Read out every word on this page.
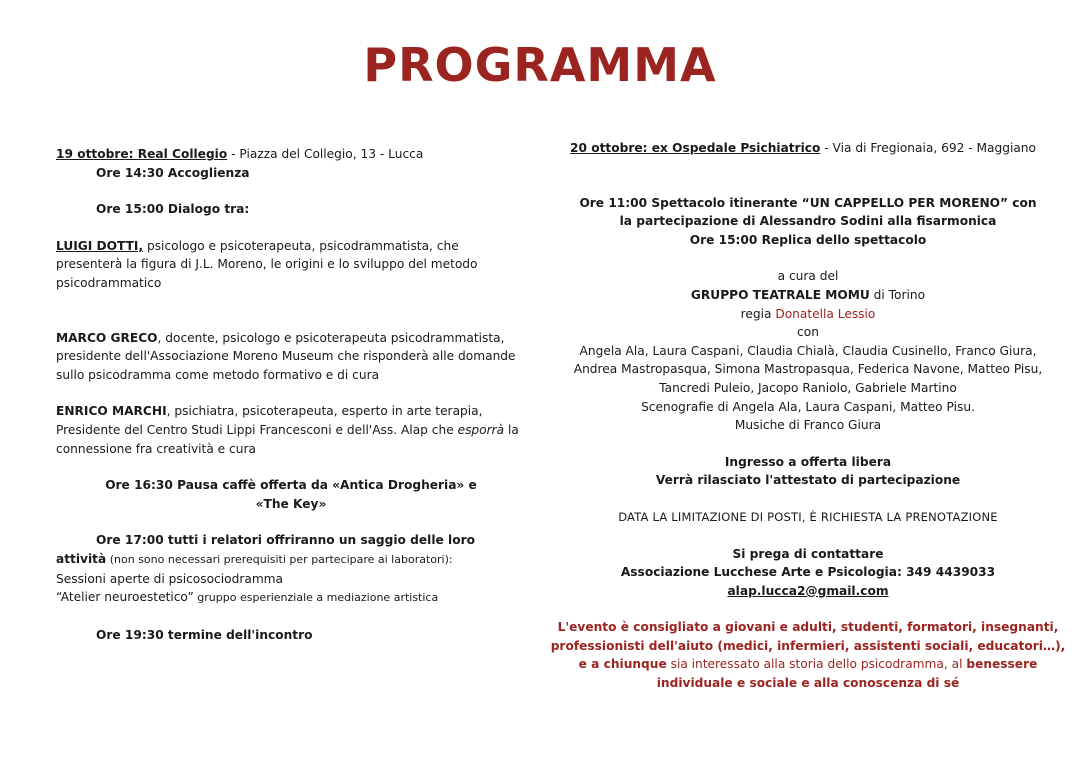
PROGRAMMA

19 ottobre: Real Collegio - Piazza del Collegio, 13 - Lucca

Ore 14:30 Accoglienza

Ore 15:00 Dialogo tra:

LUIGI DOTTI, psicologo e psicoterapeuta, psicodrammatista, che presenterà la figura di J.L. Moreno, le origini e lo sviluppo del metodo psicodrammatico

MARCO GRECO, docente, psicologo e psicoterapeuta psicodrammatista, presidente dell'Associazione Moreno Museum che risponderà alle domande sullo psicodramma come metodo formativo e di cura

ENRICO MARCHI, psichiatra, psicoterapeuta, esperto in arte terapia, Presidente del Centro Studi Lippi Francesconi e dell'Ass. Alap che esporrà la connessione fra creatività e cura

Ore 16:30 Pausa caffè offerta da «Antica Drogheria» e

«The Key»

Ore 17:00 tutti i relatori offriranno un saggio delle loro attività (non sono necessari prerequisiti per partecipare ai laboratori):

Sessioni aperte di psicosociodramma

“Atelier neuroestetico” gruppo esperienziale a mediazione artistica

Ore 19:30 termine dell'incontro

20 ottobre: ex Ospedale Psichiatrico - Via di Fregionaia, 692 - Maggiano

Ore 11:00 Spettacolo itinerante “UN CAPPELLO PER MORENO” con

la partecipazione di Alessandro Sodini alla fisarmonica

Ore 15:00 Replica dello spettacolo

a cura del

GRUPPO TEATRALE MOMU di Torino

regia Donatella Lessio

con

Angela Ala, Laura Caspani, Claudia Chialà, Claudia Cusinello, Franco Giura,

Andrea Mastropasqua, Simona Mastropasqua, Federica Navone, Matteo Pisu,

Tancredi Puleio, Jacopo Raniolo, Gabriele Martino

Scenografie di Angela Ala, Laura Caspani, Matteo Pisu.

Musiche di Franco Giura

Ingresso a offerta libera

Verrà rilasciato l'attestato di partecipazione

DATA LA LIMITAZIONE DI POSTI, È RICHIESTA LA PRENOTAZIONE

Si prega di contattare

Associazione Lucchese Arte e Psicologia: 349 4439033

alap.lucca2@gmail.com

L'evento è consigliato a giovani e adulti, studenti, formatori, insegnanti, professionisti dell'aiuto (medici, infermieri, assistenti sociali, educatori…), e a chiunque sia interessato alla storia dello psicodramma, al benessere individuale e sociale e alla conoscenza di sé
